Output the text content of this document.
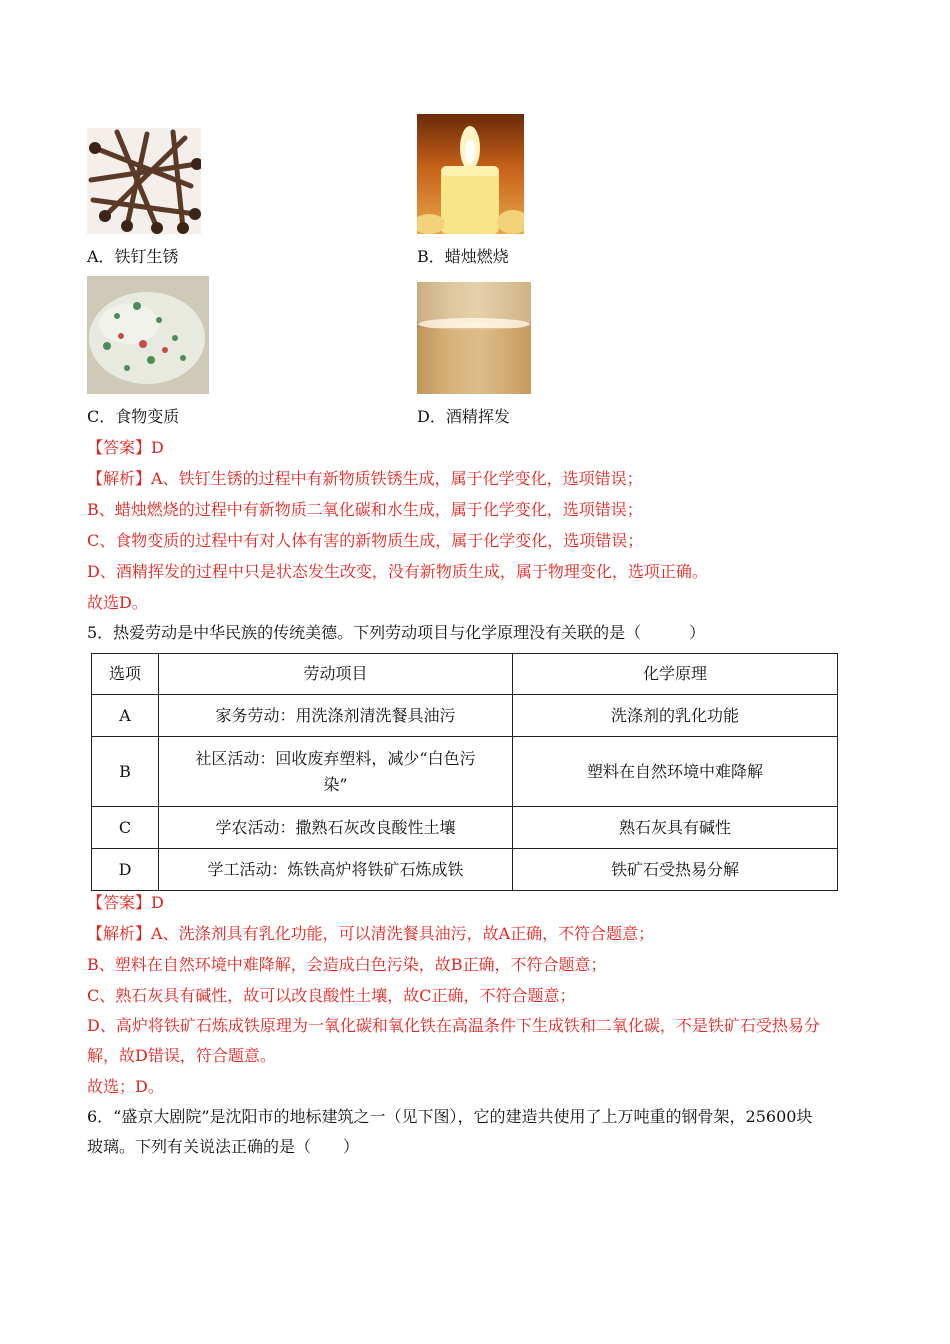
A．铁钉生锈	B．蜡烛燃烧
C．食物变质	D．酒精挥发
【答案】D
【解析】A、铁钉生锈的过程中有新物质铁锈生成，属于化学变化，选项错误；
B、蜡烛燃烧的过程中有新物质二氧化碳和水生成，属于化学变化，选项错误；
C、食物变质的过程中有对人体有害的新物质生成，属于化学变化，选项错误；
D、酒精挥发的过程中只是状态发生改变，没有新物质生成，属于物理变化，选项正确。
故选D。
5．热爱劳动是中华民族的传统美德。下列劳动项目与化学原理没有关联的是（　　　）
选项	劳动项目	化学原理
A	家务劳动：用洗涤剂清洗餐具油污	洗涤剂的乳化功能
B	社区活动：回收废弃塑料，减少“白色污
染”	塑料在自然环境中难降解
C	学农活动：撒熟石灰改良酸性土壤	熟石灰具有碱性
D	学工活动：炼铁高炉将铁矿石炼成铁	铁矿石受热易分解
【答案】D
【解析】A、洗涤剂具有乳化功能，可以清洗餐具油污，故A正确，不符合题意；
B、塑料在自然环境中难降解，会造成白色污染，故B正确，不符合题意；
C、熟石灰具有碱性，故可以改良酸性土壤，故C正确，不符合题意；
D、高炉将铁矿石炼成铁原理为一氧化碳和氧化铁在高温条件下生成铁和二氧化碳，不是铁矿石受热易分
解，故D错误，符合题意。
故选；D。
6．“盛京大剧院”是沈阳市的地标建筑之一（见下图），它的建造共使用了上万吨重的钢骨架，25600块
玻璃。下列有关说法正确的是（　　）
